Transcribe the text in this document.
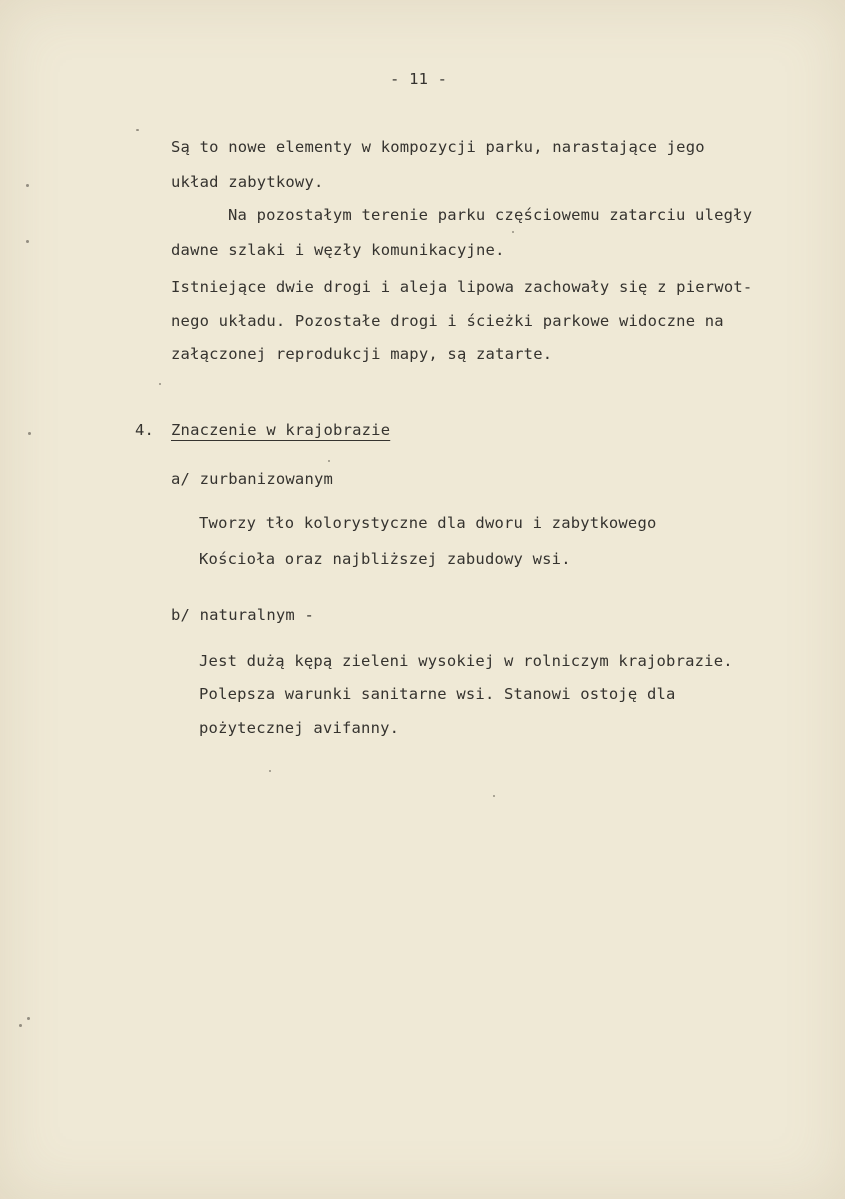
- 11 -
Są to nowe elementy w kompozycji parku, narastające jego
układ zabytkowy.
Na pozostałym terenie parku częściowemu zatarciu uległy
dawne szlaki i węzły komunikacyjne.
Istniejące dwie drogi i aleja lipowa zachowały się z pierwot-
nego układu. Pozostałe drogi i ścieżki parkowe widoczne na
załączonej reprodukcji mapy, są zatarte.
4. Znaczenie w krajobrazie
a/ zurbanizowanym
Tworzy tło kolorystyczne dla dworu i zabytkowego
Kościoła oraz najbliższej zabudowy wsi.
b/ naturalnym -
Jest dużą kępą zieleni wysokiej w rolniczym krajobrazie.
Polepsza warunki sanitarne wsi. Stanowi ostoję dla
pożytecznej avifanny.
